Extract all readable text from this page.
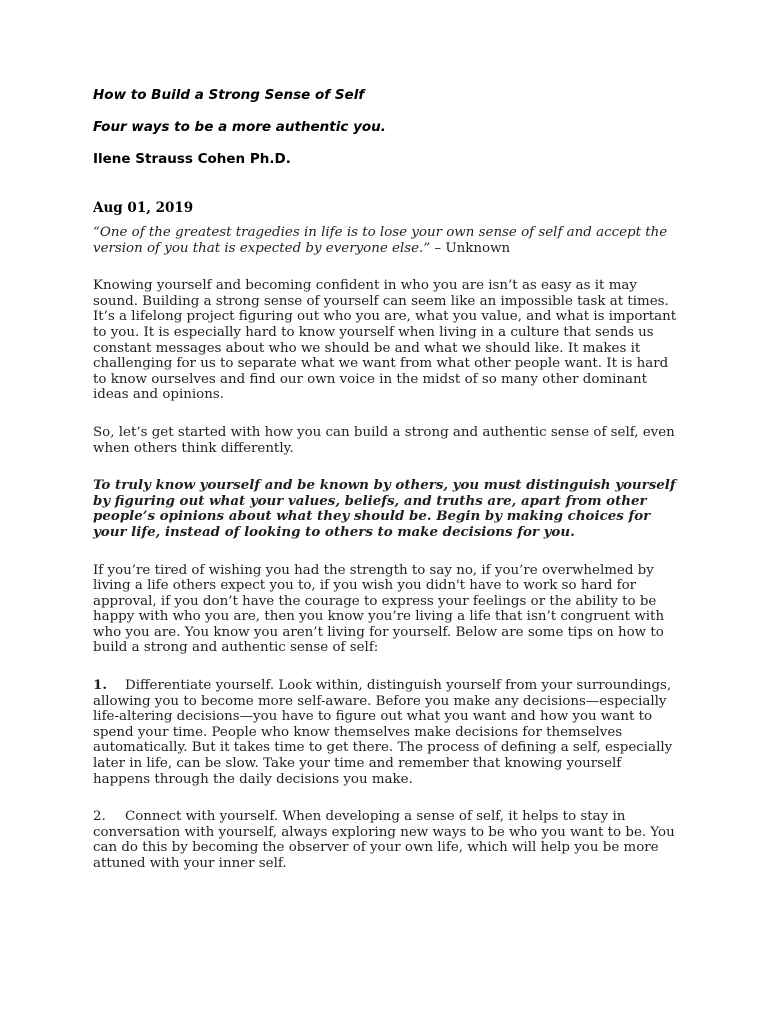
How to Build a Strong Sense of Self

Four ways to be a more authentic you.

Ilene Strauss Cohen Ph.D.

Aug 01, 2019

“One of the greatest tragedies in life is to lose your own sense of self and accept the version of you that is expected by everyone else.” – Unknown

Knowing yourself and becoming confident in who you are isn’t as easy as it may sound. Building a strong sense of yourself can seem like an impossible task at times. It’s a lifelong project figuring out who you are, what you value, and what is important to you. It is especially hard to know yourself when living in a culture that sends us constant messages about who we should be and what we should like. It makes it challenging for us to separate what we want from what other people want. It is hard to know ourselves and find our own voice in the midst of so many other dominant ideas and opinions.

So, let’s get started with how you can build a strong and authentic sense of self, even when others think differently.

To truly know yourself and be known by others, you must distinguish yourself by figuring out what your values, beliefs, and truths are, apart from other people’s opinions about what they should be. Begin by making choices for your life, instead of looking to others to make decisions for you.

If you’re tired of wishing you had the strength to say no, if you’re overwhelmed by living a life others expect you to, if you wish you didn't have to work so hard for approval, if you don’t have the courage to express your feelings or the ability to be happy with who you are, then you know you’re living a life that isn’t congruent with who you are. You know you aren’t living for yourself. Below are some tips on how to build a strong and authentic sense of self:

1. Differentiate yourself. Look within, distinguish yourself from your surroundings, allowing you to become more self-aware. Before you make any decisions—especially life-altering decisions—you have to figure out what you want and how you want to spend your time. People who know themselves make decisions for themselves automatically. But it takes time to get there. The process of defining a self, especially later in life, can be slow. Take your time and remember that knowing yourself happens through the daily decisions you make.

2. Connect with yourself. When developing a sense of self, it helps to stay in conversation with yourself, always exploring new ways to be who you want to be. You can do this by becoming the observer of your own life, which will help you be more attuned with your inner self.
